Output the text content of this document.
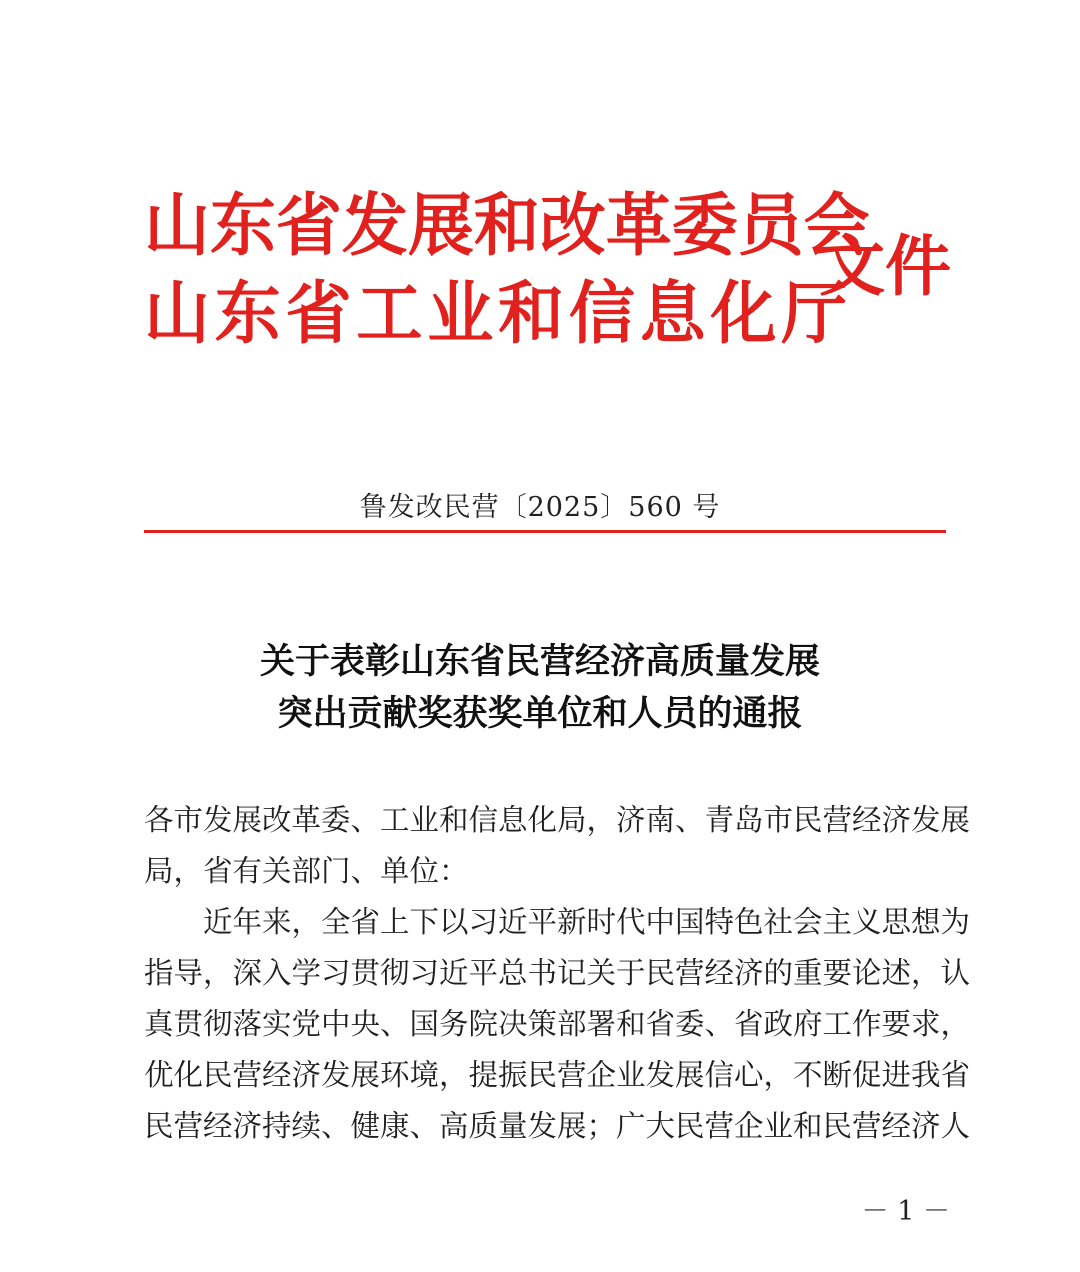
山东省发展和改革委员会
山东省工业和信息化厅
文件
鲁发改民营〔2025〕560 号
关于表彰山东省民营经济高质量发展
突出贡献奖获奖单位和人员的通报

各市发展改革委、工业和信息化局，济南、青岛市民营经济发展
局，省有关部门、单位：

近年来，全省上下以习近平新时代中国特色社会主义思想为
指导，深入学习贯彻习近平总书记关于民营经济的重要论述，认
真贯彻落实党中央、国务院决策部署和省委、省政府工作要求，
优化民营经济发展环境，提振民营企业发展信心，不断促进我省
民营经济持续、健康、高质量发展；广大民营企业和民营经济人

－ 1 －
